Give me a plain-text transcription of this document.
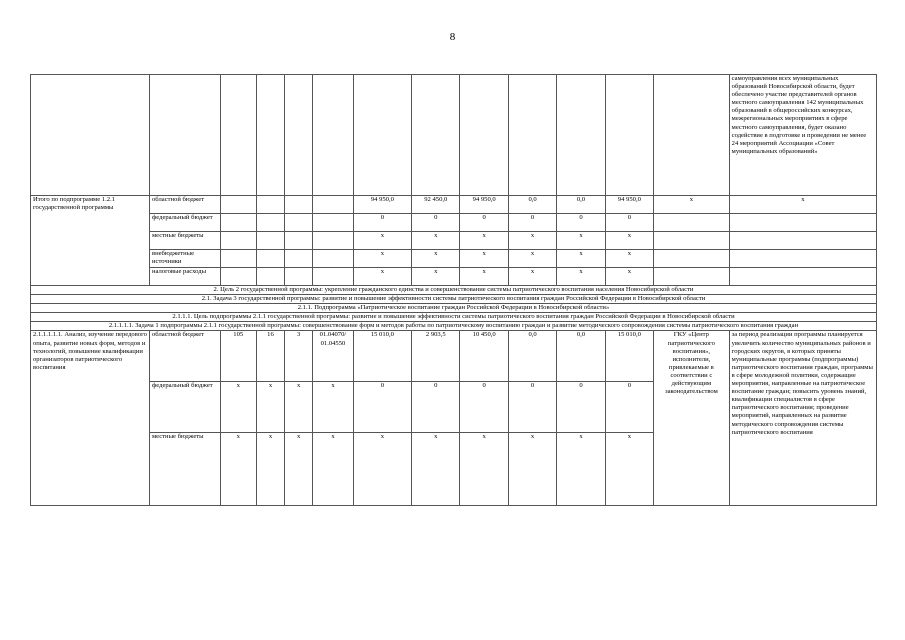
8
													самоуправления всех муниципальных образований Новосибирской области, будет обеспечено участие представителей органов местного самоуправления 142 муниципальных образований в общероссийских конкурсах, межрегиональных мероприятиях в сфере местного самоуправления, будет оказано содействие в подготовке и проведении не менее 24 мероприятий Ассоциации «Совет муниципальных образований»
Итого по подпрограмме 1.2.1 государственной программы	областной бюджет					94 950,0	92 450,0	94 950,0	0,0	0,0	94 950,0	x	x
	федеральный бюджет					0	0	0	0	0	0		
	местные бюджеты					x	x	x	x	x	x		
	внебюджетные источники					x	x	x	x	x	x		
	налоговые расходы					x	x	x	x	x	x		
2. Цель 2 государственной программы: укрепление гражданского единства и совершенствование системы патриотического воспитания населения Новосибирской области													
2.1. Задача 3 государственной программы: развитие и повышение эффективности системы патриотического воспитания граждан Российской Федерации в Новосибирской области													
2.1.1. Подпрограмма «Патриотическое воспитание граждан Российской Федерации в Новосибирской области»													
2.1.1.1. Цель подпрограммы 2.1.1 государственной программы: развитие и повышение эффективности системы патриотического воспитания граждан Российской Федерации в Новосибирской области													
2.1.1.1.1. Задача 1 подпрограммы 2.1.1 государственной программы: совершенствование форм и методов работы по патриотическому воспитанию граждан и развитие методического сопровождения системы патриотического воспитания граждан													
2.1.1.1.1.1. Анализ, изучение передового опыта, развитие новых форм, методов и технологий, повышение квалификации организаторов патриотического воспитания	областной бюджет	105	16	3	01.04070/ 01.04550	15 010,0	2 903,5	10 450,0	0,0	0,0	15 010,0	ГКУ «Центр патриотического воспитания», исполнители, привлекаемые в соответствии с действующим законодательством	за период реализации программы планируется увеличить количество муниципальных районов и городских округов, в которых приняты муниципальные программы (подпрограммы) патриотического воспитания граждан, программы в сфере молодежной политики, содержащие мероприятия, направленные на патриотическое воспитание граждан; повысить уровень знаний, квалификации специалистов в сфере патриотического воспитания; проведение мероприятий, направленных на развитие методического сопровождения системы патриотического воспитания
	федеральный бюджет	x	x	x	x	0	0	0	0	0	0		
	местные бюджеты	x	x	x	x	x	x	x	x	x	x		
